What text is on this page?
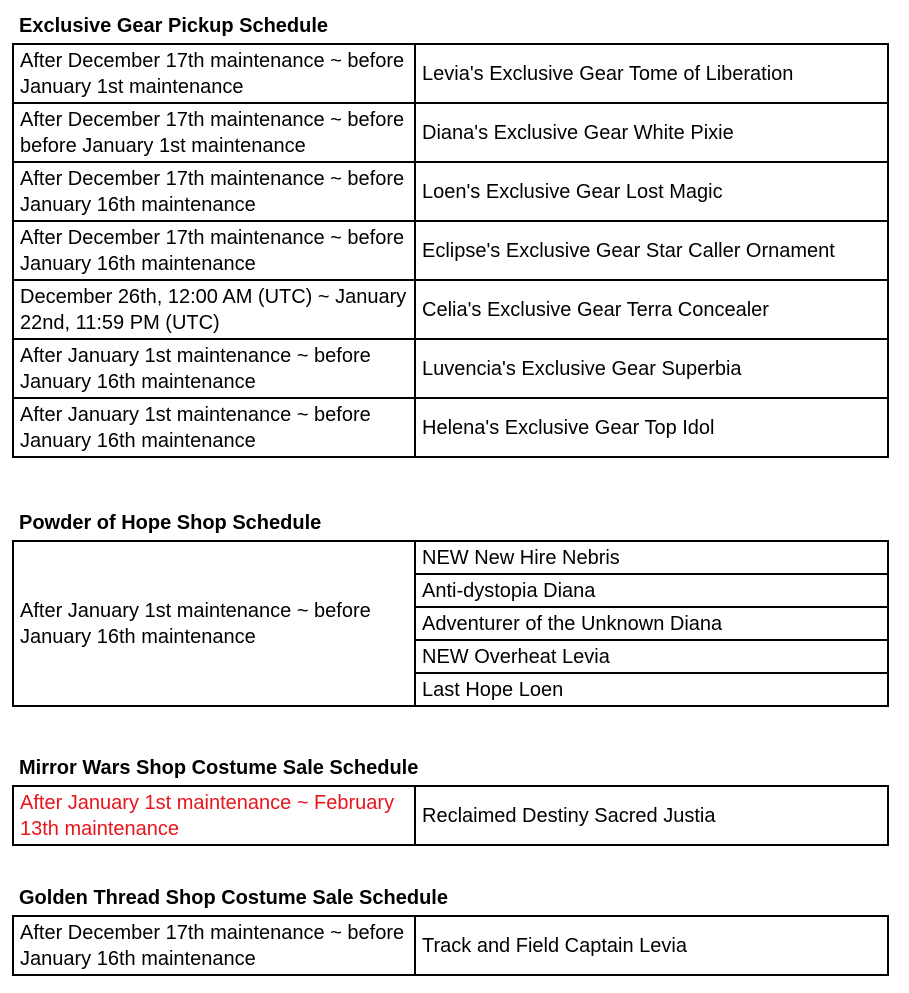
Exclusive Gear Pickup Schedule
After December 17th maintenance ~ before January 1st maintenance	Levia's Exclusive Gear Tome of Liberation
After December 17th maintenance ~ before before January 1st maintenance	Diana's Exclusive Gear White Pixie
After December 17th maintenance ~ before January 16th maintenance	Loen's Exclusive Gear Lost Magic
After December 17th maintenance ~ before January 16th maintenance	Eclipse's Exclusive Gear Star Caller Ornament
December 26th, 12:00 AM (UTC) ~ January 22nd, 11:59 PM (UTC)	Celia's Exclusive Gear Terra Concealer
After January 1st maintenance ~ before January 16th maintenance	Luvencia's Exclusive Gear Superbia
After January 1st maintenance ~ before January 16th maintenance	Helena's Exclusive Gear Top Idol
Powder of Hope Shop Schedule
After January 1st maintenance ~ before January 16th maintenance	NEW New Hire Nebris
Anti-dystopia Diana
Adventurer of the Unknown Diana
NEW Overheat Levia
Last Hope Loen
Mirror Wars Shop Costume Sale Schedule
After January 1st maintenance ~ February 13th maintenance	Reclaimed Destiny Sacred Justia
Golden Thread Shop Costume Sale Schedule
After December 17th maintenance ~ before January 16th maintenance	Track and Field Captain Levia
